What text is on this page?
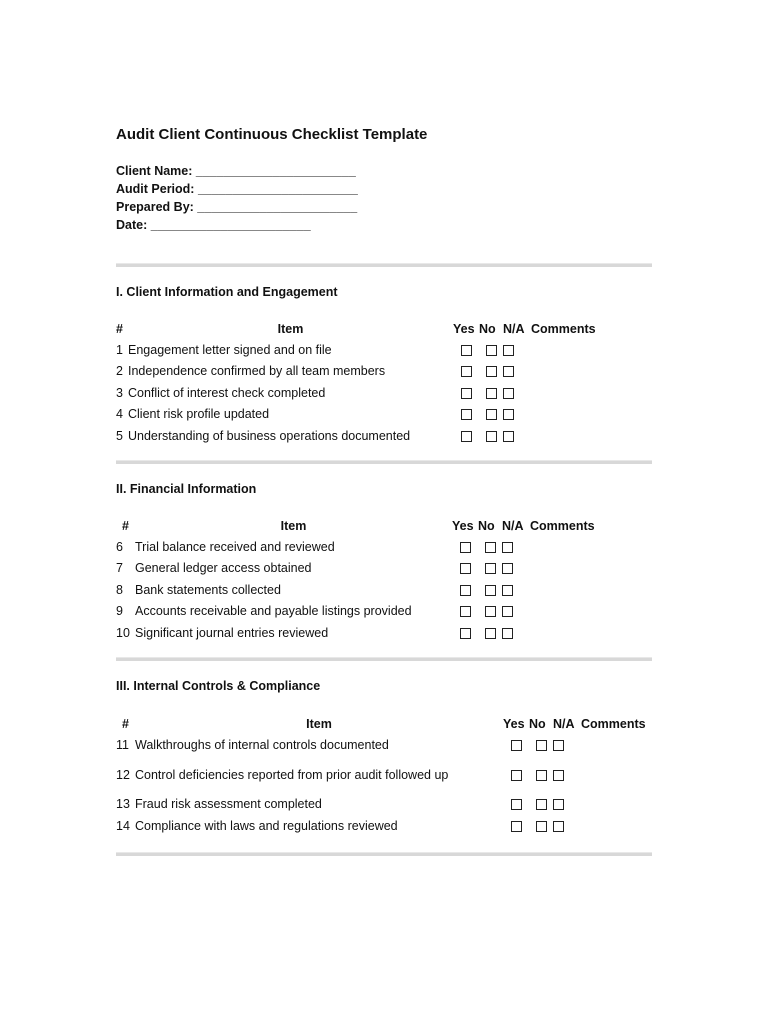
Audit Client Continuous Checklist Template
Client Name: _______________________
Audit Period: _______________________
Prepared By: _______________________
Date: _______________________
I. Client Information and Engagement
#	Item	Yes	No	N/A	Comments
1	Engagement letter signed and on file				
2	Independence confirmed by all team members				
3	Conflict of interest check completed				
4	Client risk profile updated				
5	Understanding of business operations documented				
II. Financial Information
#	Item	Yes	No	N/A	Comments
6	Trial balance received and reviewed				
7	General ledger access obtained				
8	Bank statements collected				
9	Accounts receivable and payable listings provided				
10	Significant journal entries reviewed				
III. Internal Controls & Compliance
#	Item	Yes	No	N/A	Comments
11	Walkthroughs of internal controls documented				
12	Control deficiencies reported from prior audit followed up				
13	Fraud risk assessment completed				
14	Compliance with laws and regulations reviewed				
